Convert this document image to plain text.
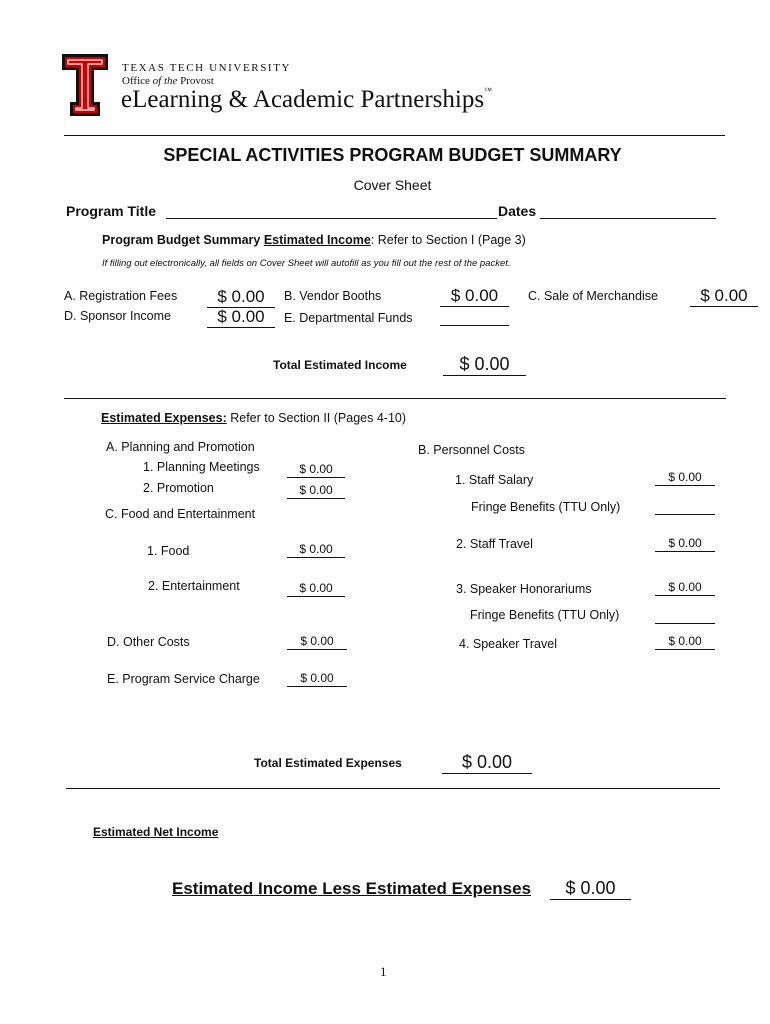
TEXAS TECH UNIVERSITY
Office of the Provost
eLearning & Academic Partnerships™
SPECIAL ACTIVITIES PROGRAM BUDGET SUMMARY
Cover Sheet
Program Title	Dates
Program Budget Summary Estimated Income: Refer to Section I (Page 3)
If filling out electronically, all fields on Cover Sheet will autofill as you fill out the rest of the packet.
A. Registration Fees	$ 0.00
D. Sponsor Income	$ 0.00
B. Vendor Booths	$ 0.00
E. Departmental Funds
C. Sale of Merchandise	$ 0.00
Total Estimated Income	$ 0.00
Estimated Expenses: Refer to Section II (Pages 4-10)
A. Planning and Promotion
1. Planning Meetings	$ 0.00
2. Promotion	$ 0.00
C. Food and Entertainment
1. Food	$ 0.00
2. Entertainment	$ 0.00
D. Other Costs	$ 0.00
E. Program Service Charge	$ 0.00
B. Personnel Costs
1. Staff Salary	$ 0.00
Fringe Benefits (TTU Only)
2. Staff Travel	$ 0.00
3. Speaker Honorariums	$ 0.00
Fringe Benefits (TTU Only)
4. Speaker Travel	$ 0.00
Total Estimated Expenses	$ 0.00
Estimated Net Income
Estimated Income Less Estimated Expenses	$ 0.00
1
